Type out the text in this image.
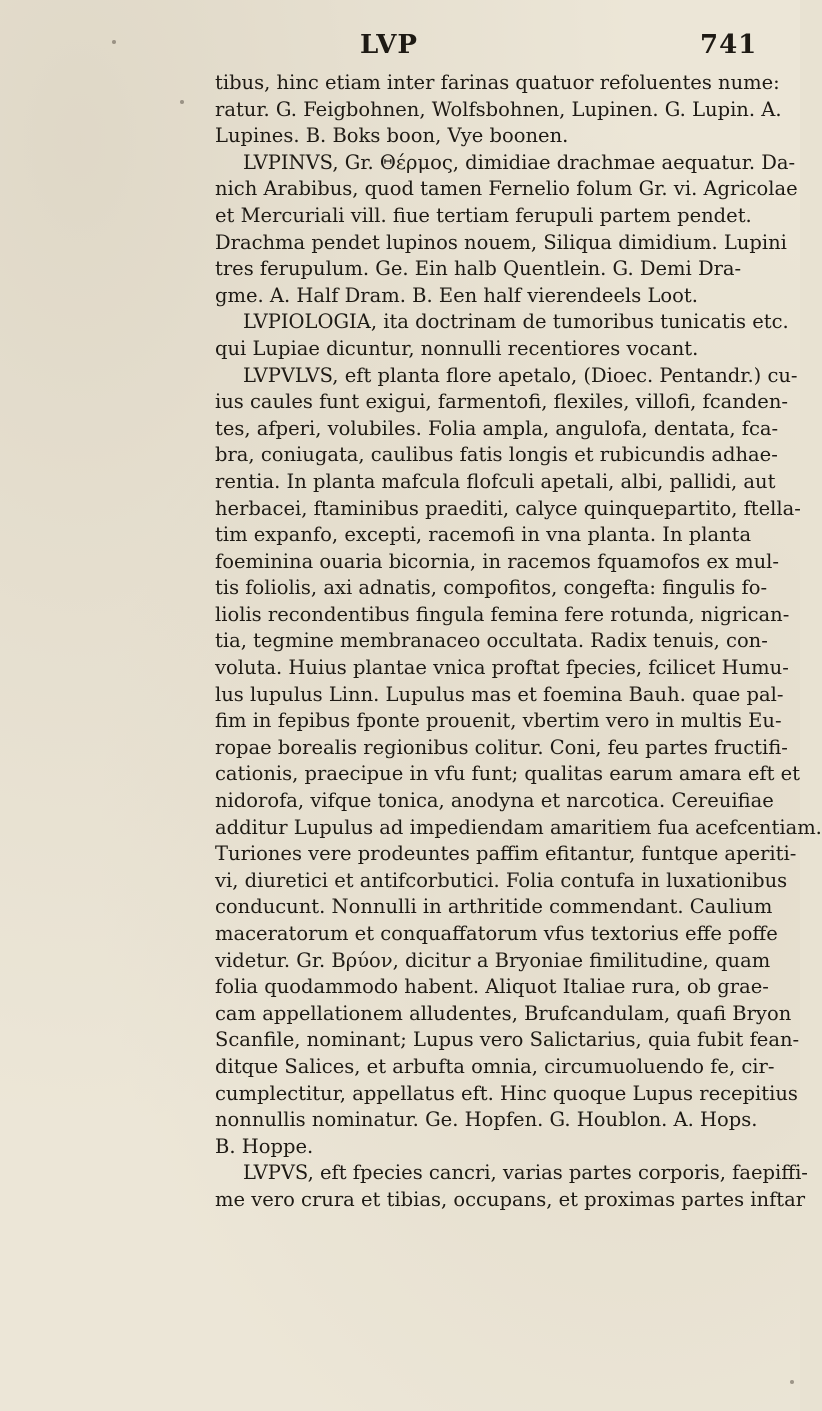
LVP	741
tibus, hinc etiam inter farinas quatuor refoluentes nume:
ratur. G. Feigbohnen, Wolfsbohnen, Lupinen. G. Lupin. A.
Lupines. B. Boks boon, Vye boonen.
LVPINVS, Gr. Θέρμος, dimidiae drachmae aequatur. Da-
nich Arabibus, quod tamen Fernelio folum Gr. vi. Agricolae
et Mercuriali vill. fiue tertiam ferupuli partem pendet.
Drachma pendet lupinos nouem, Siliqua dimidium. Lupini
tres ferupulum. Ge. Ein halb Quentlein. G. Demi Dra-
gme. A. Half Dram. B. Een half vierendeels Loot.
LVPIOLOGIA, ita doctrinam de tumoribus tunicatis etc.
qui Lupiae dicuntur, nonnulli recentiores vocant.
LVPVLVS, eft planta flore apetalo, (Dioec. Pentandr.) cu-
ius caules funt exigui, farmentofi, flexiles, villofi, fcanden-
tes, afperi, volubiles. Folia ampla, angulofa, dentata, fca-
bra, coniugata, caulibus fatis longis et rubicundis adhae-
rentia. In planta mafcula flofculi apetali, albi, pallidi, aut
herbacei, ftaminibus praediti, calyce quinquepartito, ftella-
tim expanfo, excepti, racemofi in vna planta. In planta
foeminina ouaria bicornia, in racemos fquamofos ex mul-
tis foliolis, axi adnatis, compofitos, congefta: fingulis fo-
liolis recondentibus fingula femina fere rotunda, nigrican-
tia, tegmine membranaceo occultata. Radix tenuis, con-
voluta. Huius plantae vnica proftat fpecies, fcilicet Humu-
lus lupulus Linn. Lupulus mas et foemina Bauh. quae pal-
fim in fepibus fponte prouenit, vbertim vero in multis Eu-
ropae borealis regionibus colitur. Coni, feu partes fructifi-
cationis, praecipue in vfu funt; qualitas earum amara eft et
nidorofa, vifque tonica, anodyna et narcotica. Cereuifiae
additur Lupulus ad impediendam amaritiem fua acefcentiam.
Turiones vere prodeuntes paffim efitantur, funtque aperiti-
vi, diuretici et antifcorbutici. Folia contufa in luxationibus
conducunt. Nonnulli in arthritide commendant. Caulium
maceratorum et conquaffatorum vfus textorius effe poffe
videtur. Gr. Βρύον, dicitur a Bryoniae fimilitudine, quam
folia quodammodo habent. Aliquot Italiae rura, ob grae-
cam appellationem alludentes, Brufcandulam, quafi Bryon
Scanfile, nominant; Lupus vero Salictarius, quia fubit fean-
ditque Salices, et arbufta omnia, circumuoluendo fe, cir-
cumplectitur, appellatus eft. Hinc quoque Lupus recepitius
nonnullis nominatur. Ge. Hopfen. G. Houblon. A. Hops.
B. Hoppe.
LVPVS, eft fpecies cancri, varias partes corporis, faepiffi-
me vero crura et tibias, occupans, et proximas partes inftar
